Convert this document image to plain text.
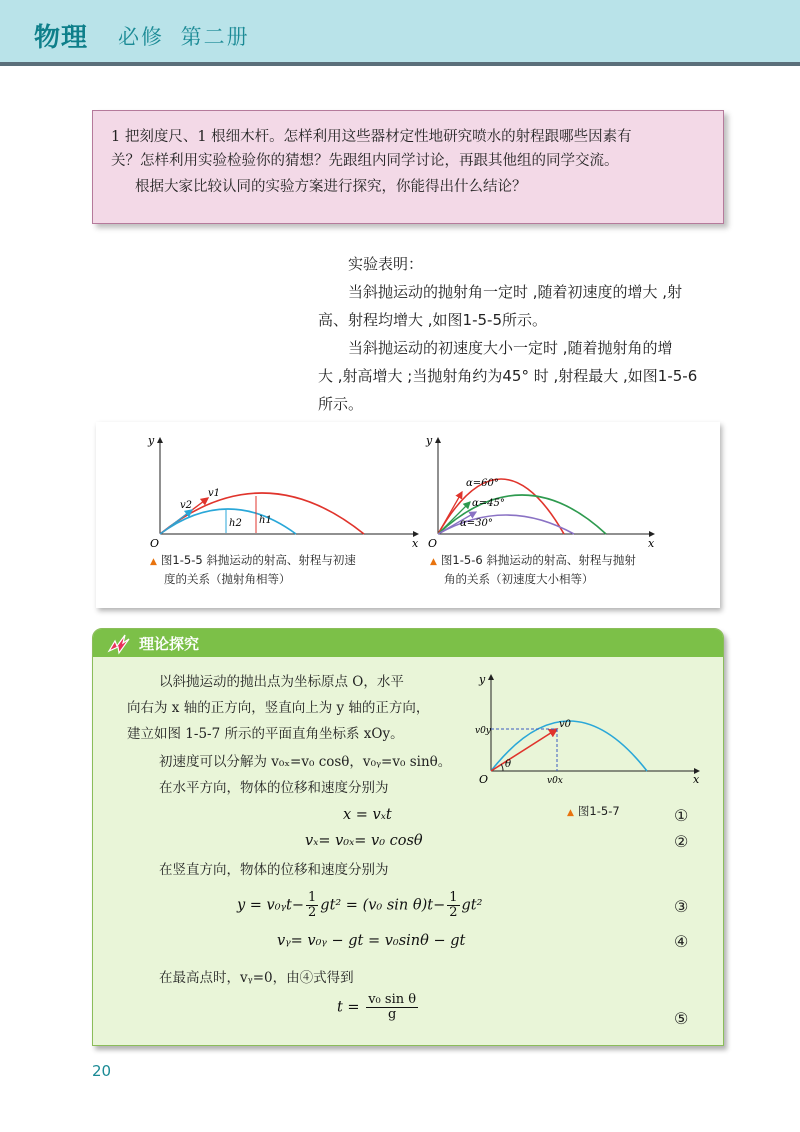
物理 必修 第二册

1 把刻度尺、1 根细木杆。怎样利用这些器材定性地研究喷水的射程跟哪些因素有

关？怎样利用实验检验你的猜想？先跟组内同学讨论，再跟其他组的同学交流。

根据大家比较认同的实验方案进行探究，你能得出什么结论？

实验表明：

当斜抛运动的抛射角一定时 ,随着初速度的增大 ,射

高、射程均增大 ,如图1-5-5所示。

当斜抛运动的初速度大小一定时 ,随着抛射角的增

大 ,射高增大 ;当抛射角约为45° 时 ,射程最大 ,如图1-5-6

所示。

y
x
O
v1
v2
h1
h2
▲ 图1-5-5 斜抛运动的射高、射程与初速
度的关系（抛射角相等）
y
x
O
α=60°
α=45°
α=30°
▲ 图1-5-6 斜抛运动的射高、射程与抛射
角的关系（初速度大小相等）
理论探究

以斜抛运动的抛出点为坐标原点 O，水平

向右为 x 轴的正方向，竖直向上为 y 轴的正方向，

建立如图 1-5-7 所示的平面直角坐标系 xOy。

初速度可以分解为 v₀ₓ=v₀ cosθ，v₀ᵧ=v₀ sinθ。

在水平方向，物体的位移和速度分别为

y
x
O
v0
v0y
v0x
θ
▲ 图1-5-7
x = vₓt	①
vₓ= v₀ₓ= v₀ cosθ	②

在竖直方向，物体的位移和速度分别为

y = v₀ᵧt− $\frac{1}{2} gt^2 = (v_0$ $\sin \theta)t- \frac{1}{2} gt^2$	③
vᵧ= v₀ᵧ − gt = v₀sinθ − gt	④

在最高点时，vᵧ=0，由④式得到

$t = \frac{\text{v₀ sin θ}}{g}$	⑤
20
